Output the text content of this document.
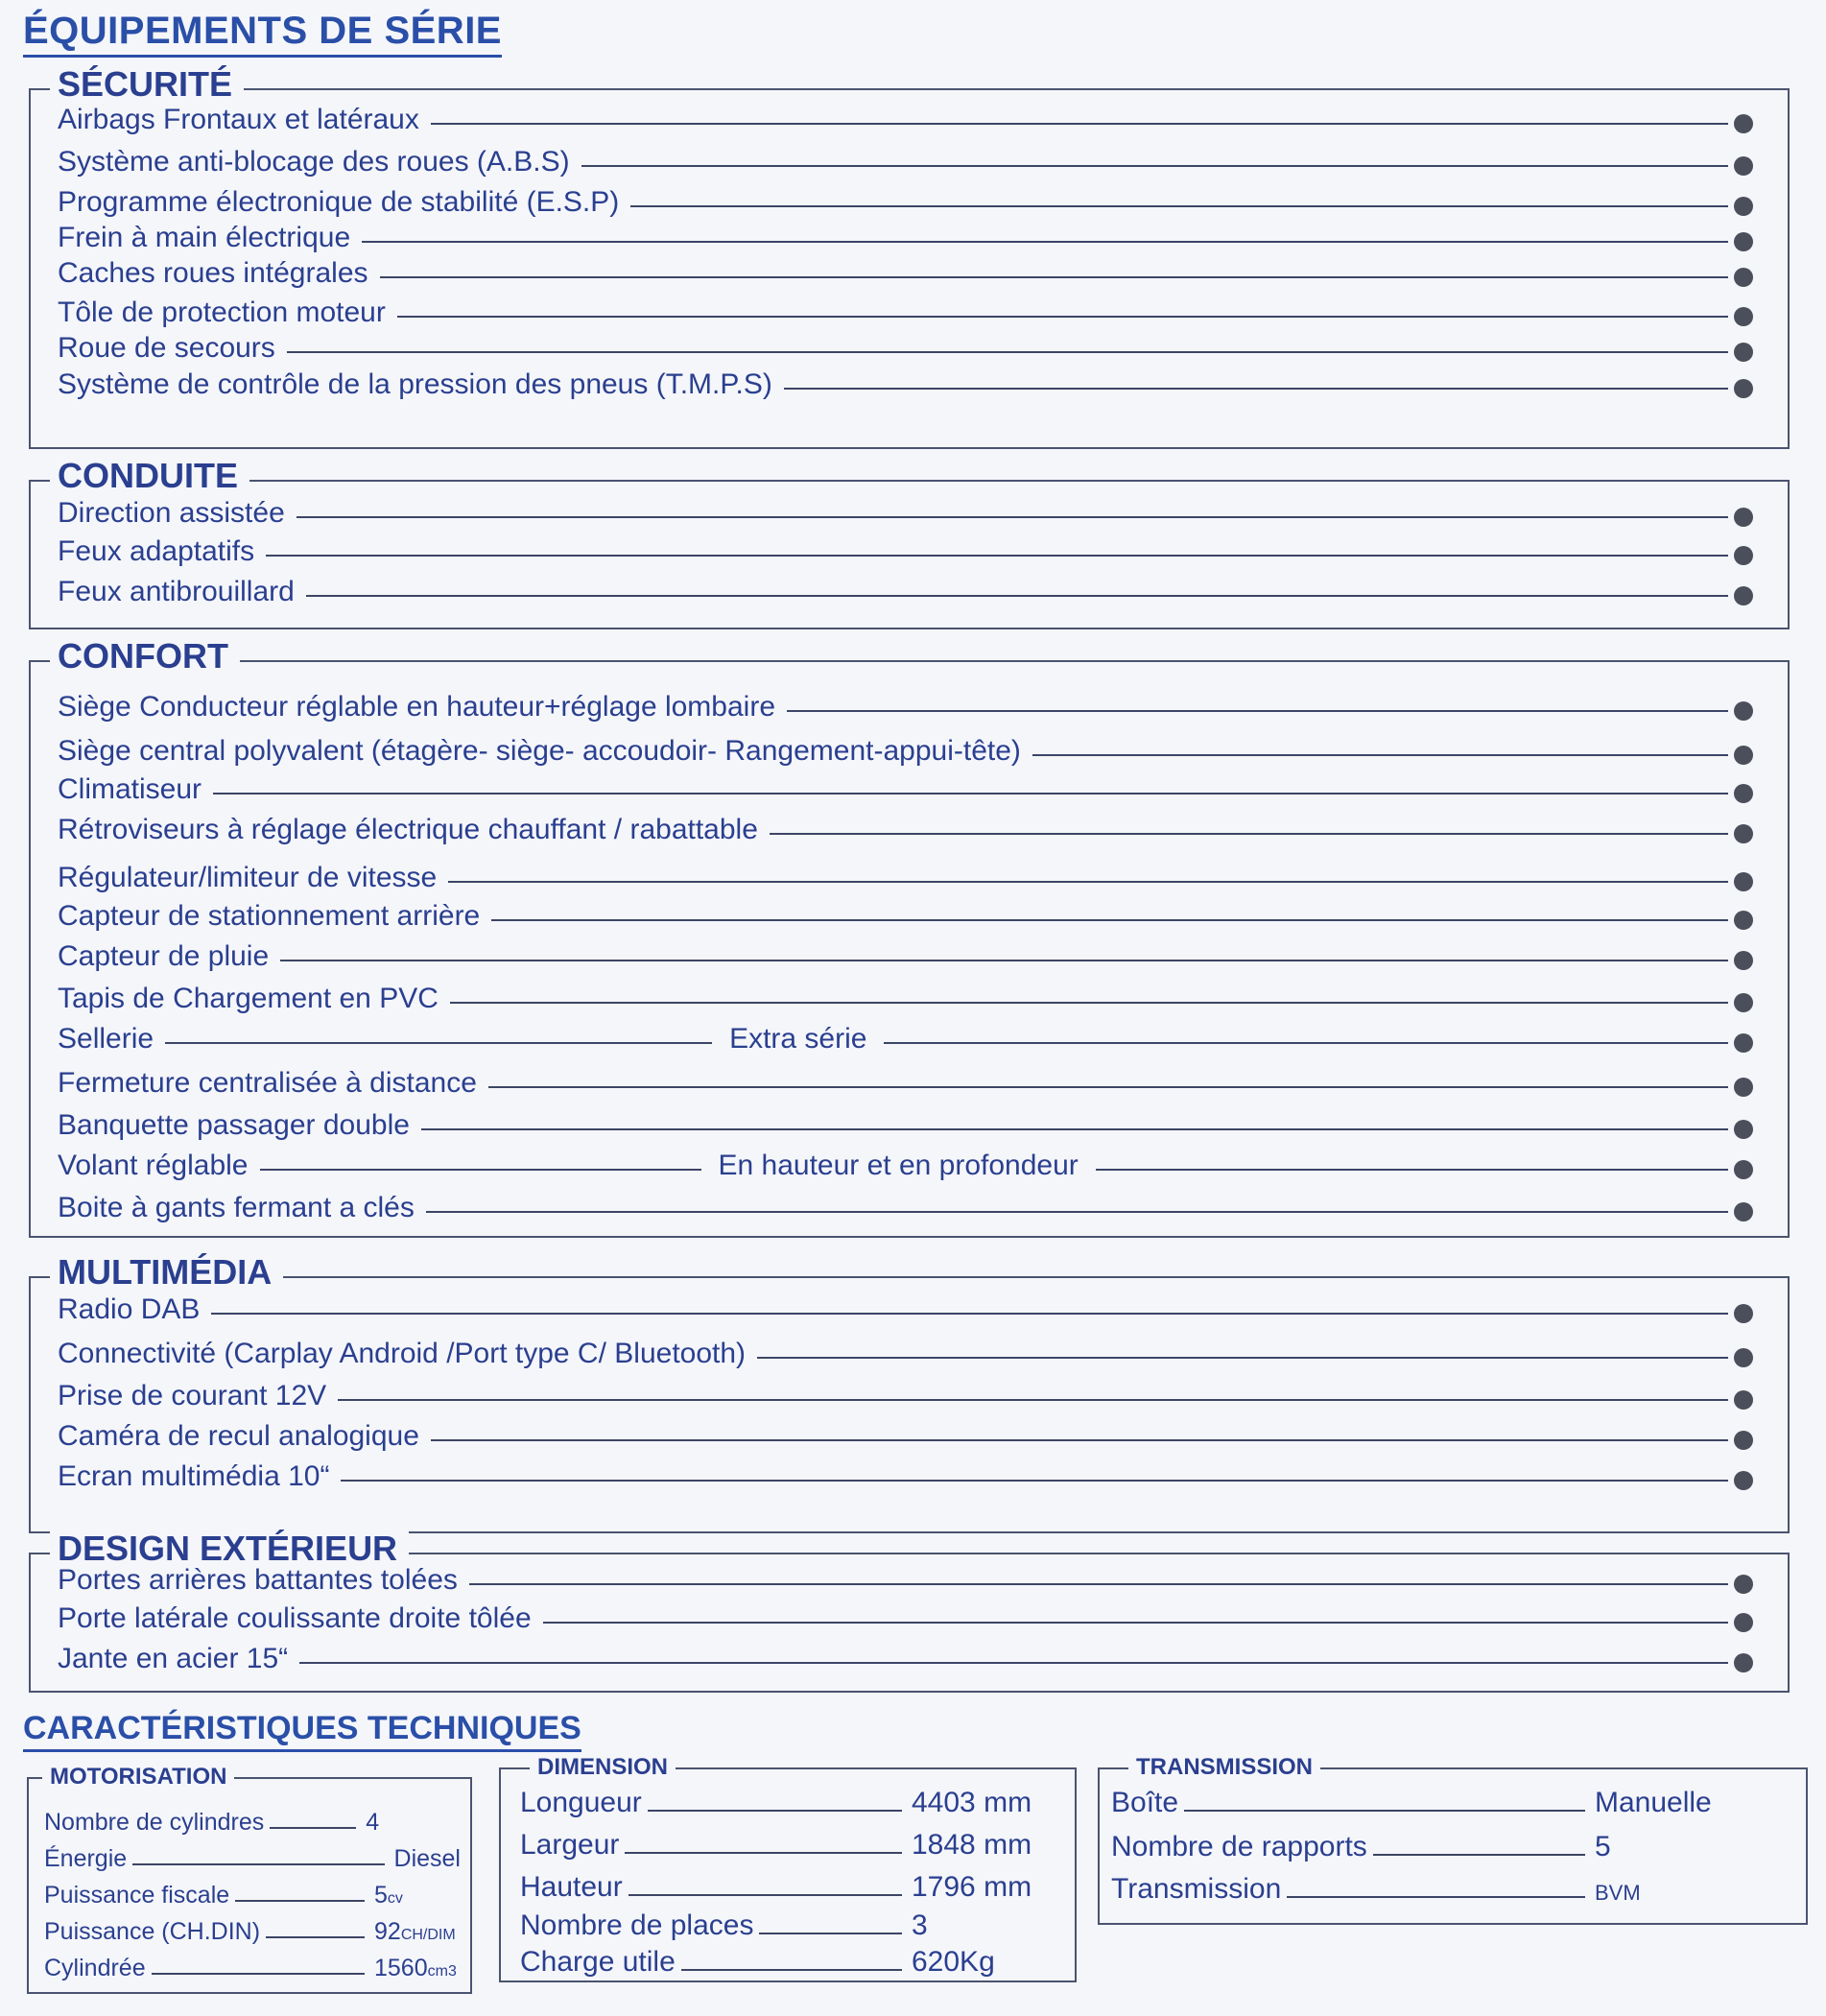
ÉQUIPEMENTS DE SÉRIE
SÉCURITÉ
Airbags Frontaux et latéraux
Système anti-blocage des roues (A.B.S)
Programme électronique de stabilité (E.S.P)
Frein à main électrique
Caches roues intégrales
Tôle de protection moteur
Roue de secours
Système de contrôle de la pression des pneus (T.M.P.S)
CONDUITE
Direction assistée
Feux adaptatifs
Feux antibrouillard
CONFORT
Siège Conducteur réglable en hauteur+réglage lombaire
Siège central polyvalent (étagère- siège- accoudoir- Rangement-appui-tête)
Climatiseur
Rétroviseurs à réglage électrique chauffant / rabattable
Régulateur/limiteur de vitesse
Capteur de stationnement arrière
Capteur de pluie
Tapis de Chargement en PVC
Sellerie	Extra série
Fermeture centralisée à distance
Banquette passager double
Volant réglable	En hauteur et en profondeur
Boite à gants fermant a clés
MULTIMÉDIA
Radio DAB
Connectivité (Carplay Android /Port type C/ Bluetooth)
Prise de courant 12V
Caméra de recul analogique
Ecran multimédia 10“
DESIGN EXTÉRIEUR
Portes arrières battantes tolées
Porte latérale coulissante droite tôlée
Jante en acier 15“
CARACTÉRISTIQUES TECHNIQUES
MOTORISATION
Nombre de cylindres	4
Énergie	Diesel
Puissance fiscale	5cv
Puissance (CH.DIN)	92CH/DIM
Cylindrée	1560cm3
DIMENSION
Longueur	4403 mm
Largeur	1848 mm
Hauteur	1796 mm
Nombre de places	3
Charge utile	620Kg
TRANSMISSION
Boîte	Manuelle
Nombre de rapports	5
Transmission	BVM
